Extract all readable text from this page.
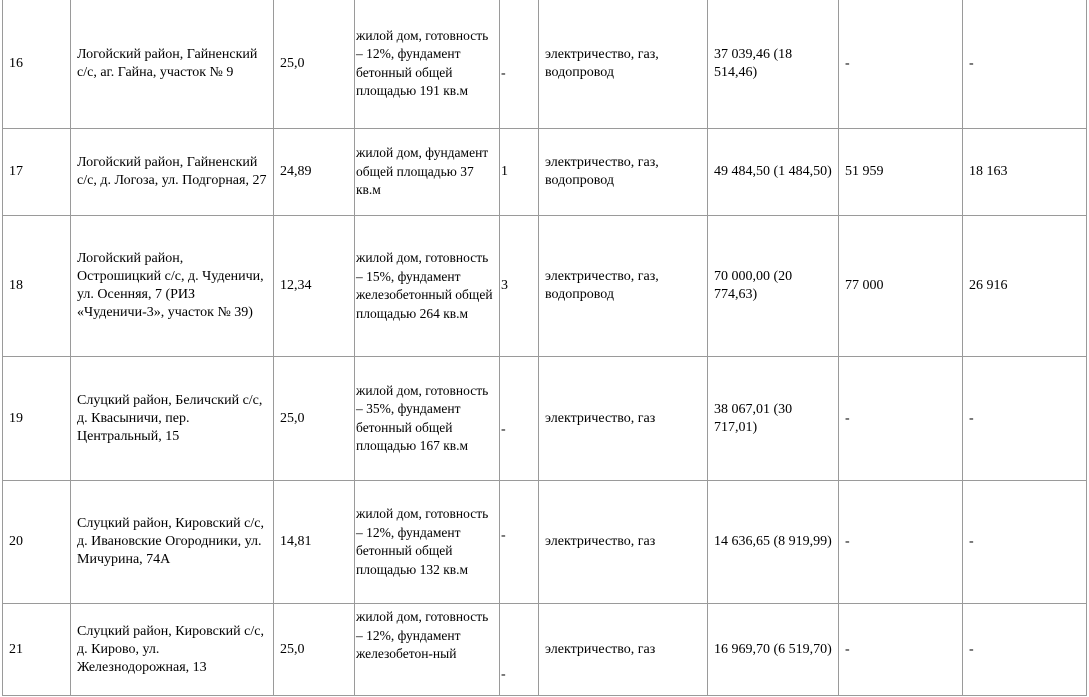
16	Логойский район, Гайненский с/с, аг. Гайна, участок № 9	25,0	жилой дом, готовность – 12%, фундамент бетонный общей площадью 191 кв.м	-	электричество, газ, водопровод	37 039,46 (18 514,46)	-	-
17	Логойский район, Гайненский с/с, д. Логоза, ул. Подгорная, 27	24,89	жилой дом, фундамент общей площадью 37 кв.м	1	электричество, газ, водопровод	49 484,50 (1 484,50)	51 959	18 163
18	Логойский район, Острошицкий с/с, д. Чуденичи, ул. Осенняя, 7 (РИЗ «Чуденичи-3», участок № 39)	12,34	жилой дом, готовность – 15%, фундамент железобетонный общей площадью 264 кв.м	3	электричество, газ, водопровод	70 000,00 (20 774,63)	77 000	26 916
19	Слуцкий район, Беличский с/с, д. Квасыничи, пер. Центральный, 15	25,0	жилой дом, готовность – 35%, фундамент бетонный общей площадью 167 кв.м	-	электричество, газ	38 067,01 (30 717,01)	-	-
20	Слуцкий район, Кировский с/с, д. Ивановские Огородники, ул. Мичурина, 74А	14,81	жилой дом, готовность – 12%, фундамент бетонный общей площадью 132 кв.м	-	электричество, газ	14 636,65 (8 919,99)	-	-
21	Слуцкий район, Кировский с/с, д. Кирово, ул. Железнодорожная, 13	25,0	жилой дом, готовность – 12%, фундамент железобетон-ный	-	электричество, газ	16 969,70 (6 519,70)	-	-
